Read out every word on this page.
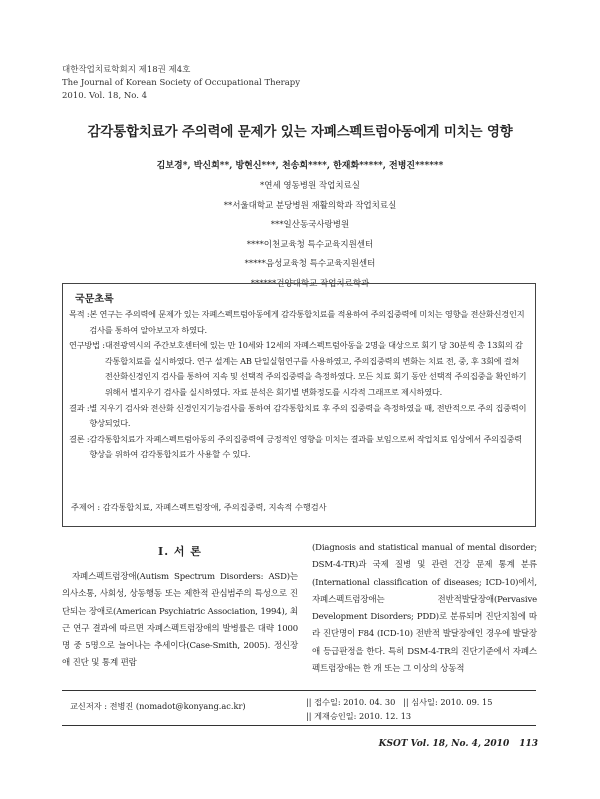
대한작업치료학회지 제18권 제4호
The Journal of Korean Society of Occupational Therapy
2010. Vol. 18, No. 4
감각통합치료가 주의력에 문제가 있는 자폐스펙트럼아동에게 미치는 영향
김보경*, 박신희**, 방현신***, 천송희****, 한재화*****, 전병진******
*연세 영동병원 작업치료실
**서울대학교 분당병원 재활의학과 작업치료실
***일산동국사랑병원
****이천교육청 특수교육지원센터
*****음성교육청 특수교육지원센터
******건양대학교 작업치료학과
국문초록
목적 : 본 연구는 주의력에 문제가 있는 자폐스펙트럼아동에게 감각통합치료를 적용하여 주의집중력에 미치는 영향을 전산화신경인지검사를 통하여 알아보고자 하였다.
연구방법 : 대전광역시의 주간보호센터에 있는 만 10세와 12세의 자폐스펙트럼아동을 2명을 대상으로 회기 당 30분씩 총 13회의 감각통합치료를 실시하였다. 연구 설계는 AB 단일실험연구를 사용하였고, 주의집중력의 변화는 치료 전, 중, 후 3회에 걸쳐 전산화신경인지 검사를 통하여 지속 및 선택적 주의집중력을 측정하였다. 모든 치료 회기 동안 선택적 주의집중을 확인하기 위해서 별지우기 검사를 실시하였다. 자료 분석은 회기별 변화정도를 시각적 그래프로 제시하였다.
결과 : 별 지우기 검사와 전산화 신경인지기능검사를 통하여 감각통합치료 후 주의 집중력을 측정하였을 때, 전반적으로 주의 집중력이 향상되었다.
결론 : 감각통합치료가 자폐스펙트럼아동의 주의집중력에 긍정적인 영향을 미치는 결과를 보임으로써 작업치료 임상에서 주의집중력 향상을 위하여 감각통합치료가 사용할 수 있다.
주제어 : 감각통합치료, 자폐스펙트럼장애, 주의집중력, 지속적 수행검사
Ⅰ. 서 론
자폐스펙트럼장애(Autism Spectrum Disorders: ASD)는 의사소통, 사회성, 상동행동 또는 제한적 관심범주의 특성으로 진단되는 장애로(American Psychiatric Association, 1994), 최근 연구 결과에 따르면 자폐스펙트럼장애의 발병률은 대략 1000명 중 5명으로 늘어나는 추세이다(Case-Smith, 2005). 정신장애 진단 및 통계 편람
(Diagnosis and statistical manual of mental disorder; DSM-4-TR)과 국제 질병 및 관련 건강 문제 통계 분류(International classification of diseases; ICD-10)에서, 자폐스펙트럼장애는 전반적발달장애(Pervasive Development Disorders; PDD)로 분류되며 진단지침에 따라 진단명이 F84 (ICD-10) 전반적 발달장애인 경우에 발달장애 등급판정을 한다. 특히 DSM-4-TR의 진단기준에서 자폐스펙트럼장애는 한 개 또는 그 이상의 상동적
교신저자 : 전병진 (nomadot@konyang.ac.kr)	|| 접수일: 2010. 04. 30 || 심사일: 2010. 09. 15
|| 게재승인일: 2010. 12. 13
KSOT Vol. 18, No. 4, 2010 113
